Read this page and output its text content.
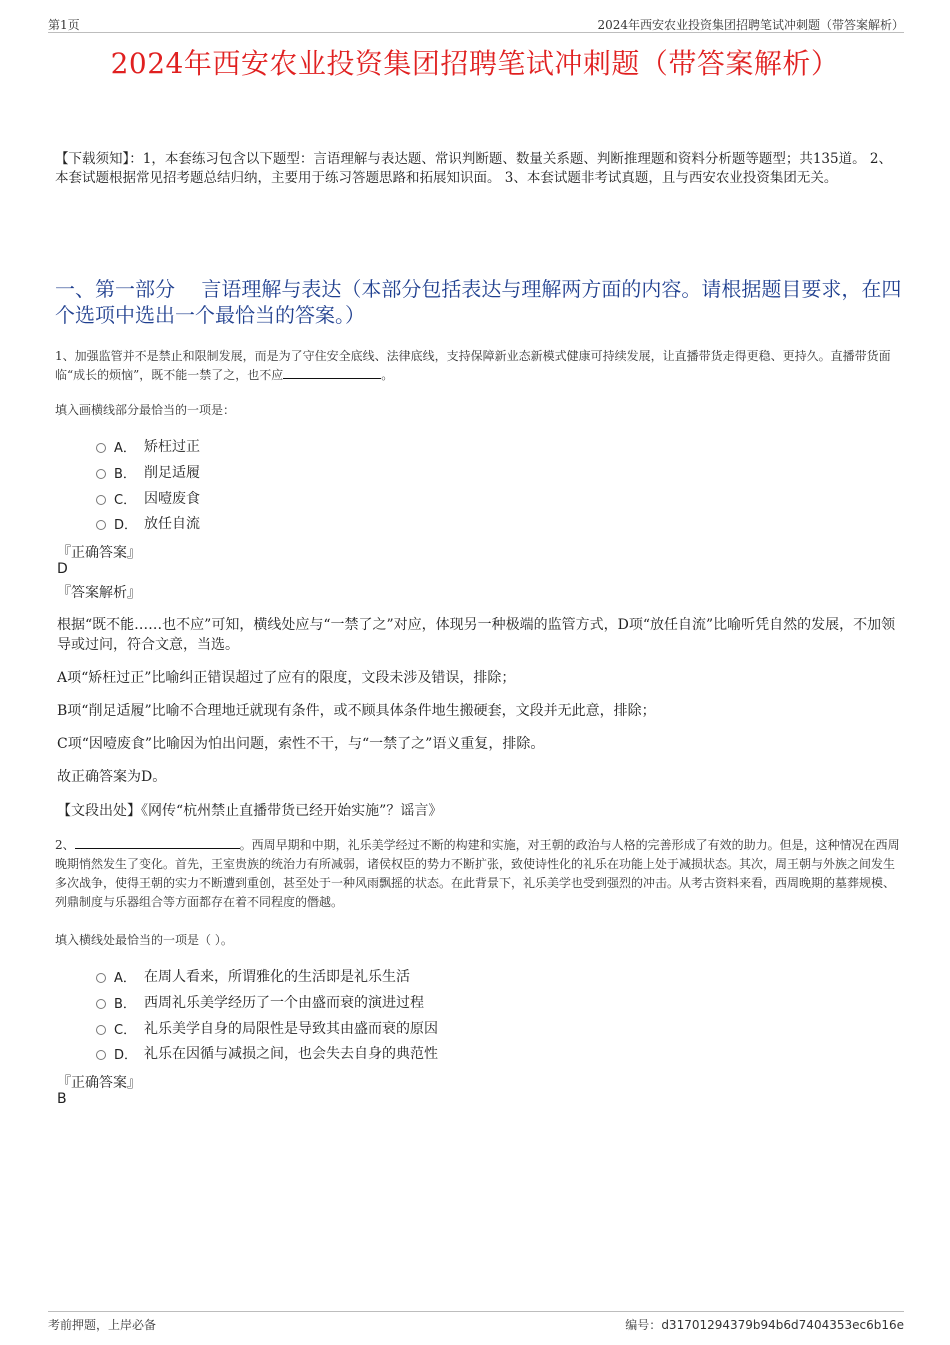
第1页	2024年西安农业投资集团招聘笔试冲刺题（带答案解析）
2024年西安农业投资集团招聘笔试冲刺题（带答案解析）
【下载须知】：1，本套练习包含以下题型：言语理解与表达题、常识判断题、数量关系题、判断推理题和资料分析题等题型；共135道。 2、本套试题根据常见招考题总结归纳，主要用于练习答题思路和拓展知识面。 3、本套试题非考试真题，且与西安农业投资集团无关。
一、第一部分　 言语理解与表达（本部分包括表达与理解两方面的内容。请根据题目要求，在四个选项中选出一个最恰当的答案。）
1、加强监管并不是禁止和限制发展，而是为了守住安全底线、法律底线，支持保障新业态新模式健康可持续发展，让直播带货走得更稳、更持久。直播带货面临“成长的烦恼”，既不能一禁了之，也不应	。
填入画横线部分最恰当的一项是：
A． 矫枉过正
B． 削足适履
C． 因噎废食
D． 放任自流
『正确答案』
D
『答案解析』
根据“既不能……也不应”可知，横线处应与“一禁了之”对应，体现另一种极端的监管方式，D项“放任自流”比喻听凭自然的发展，不加领导或过问，符合文意，当选。
A项“矫枉过正”比喻纠正错误超过了应有的限度，文段未涉及错误，排除；
B项“削足适履”比喻不合理地迁就现有条件，或不顾具体条件地生搬硬套，文段并无此意，排除；
C项“因噎废食”比喻因为怕出问题，索性不干，与“一禁了之”语义重复，排除。
故正确答案为D。
【文段出处】《网传“杭州禁止直播带货已经开始实施”？谣言》
2、	。西周早期和中期，礼乐美学经过不断的构建和实施，对王朝的政治与人格的完善形成了有效的助力。但是，这种情况在西周晚期悄然发生了变化。首先，王室贵族的统治力有所减弱，诸侯权臣的势力不断扩张，致使诗性化的礼乐在功能上处于减损状态。其次，周王朝与外族之间发生多次战争，使得王朝的实力不断遭到重创，甚至处于一种风雨飘摇的状态。在此背景下，礼乐美学也受到强烈的冲击。从考古资料来看，西周晚期的墓葬规模、列鼎制度与乐器组合等方面都存在着不同程度的僭越。
填入横线处最恰当的一项是（ ）。
A． 在周人看来，所谓雅化的生活即是礼乐生活
B． 西周礼乐美学经历了一个由盛而衰的演进过程
C． 礼乐美学自身的局限性是导致其由盛而衰的原因
D． 礼乐在因循与减损之间，也会失去自身的典范性
『正确答案』
B
考前押题，上岸必备	编号：d31701294379b94b6d7404353ec6b16e
